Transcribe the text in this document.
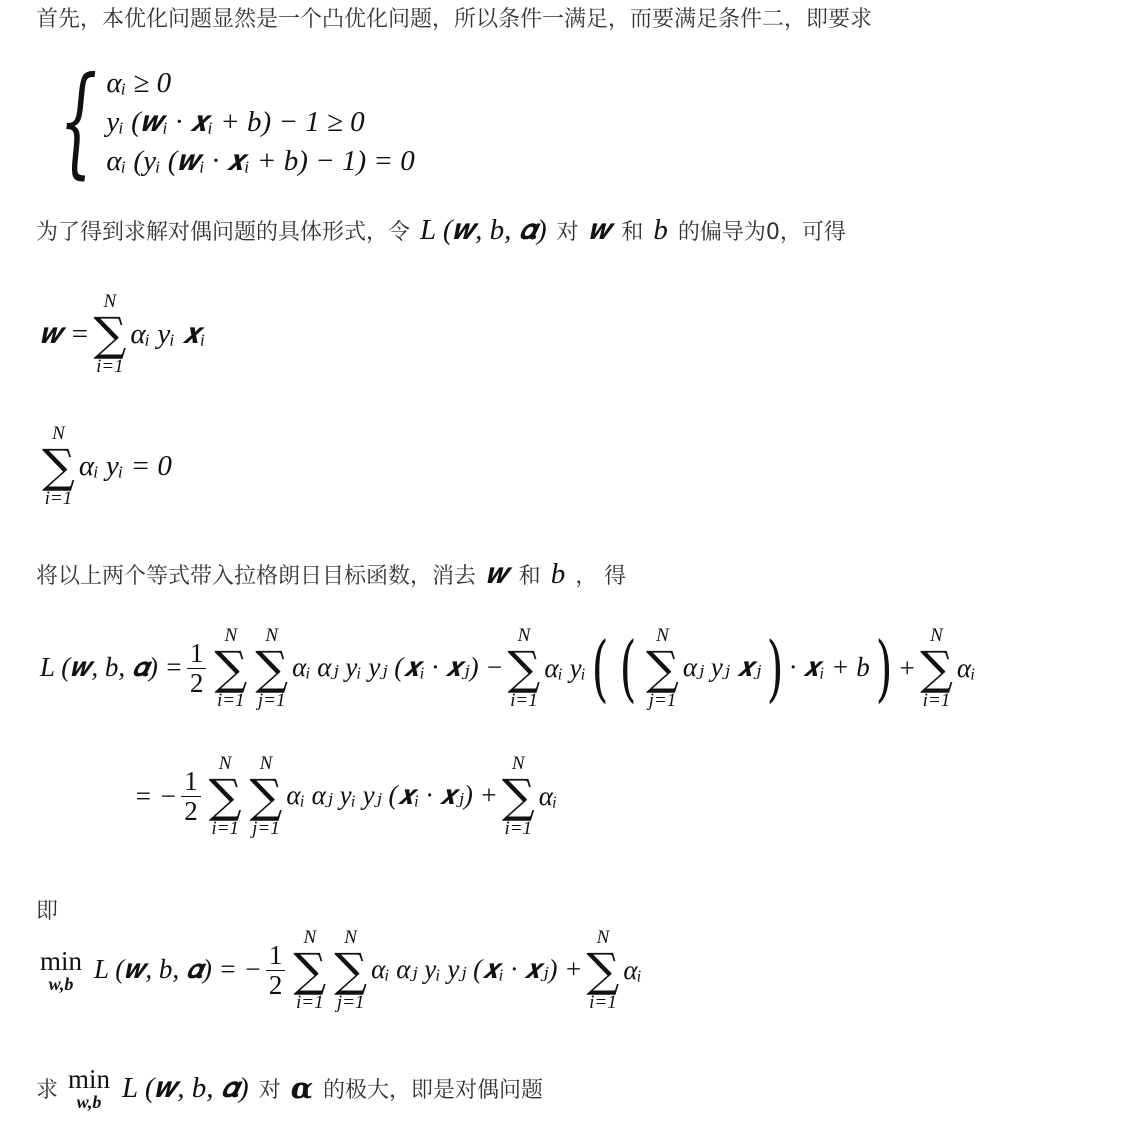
首先，本优化问题显然是一个凸优化问题，所以条件一满足，而要满足条件二，即要求
{ αᵢ ≥ 0
yᵢ (𝒘ᵢ · 𝒙ᵢ + b) − 1 ≥ 0
αᵢ (yᵢ (𝒘ᵢ · 𝒙ᵢ + b) − 1) = 0
为了得到求解对偶问题的具体形式，令 L (𝒘, b, 𝜶) 对 𝒘 和 b 的偏导为0，可得
𝒘 =
N
∑
i=1
αᵢ yᵢ 𝒙ᵢ
N
∑
i=1
αᵢ yᵢ = 0
将以上两个等式带入拉格朗日目标函数，消去 𝒘 和 b ， 得
L (𝒘, b, 𝜶) = $\frac{1}{2}$
N
∑
i=1
N
∑
j=1
αᵢ αⱼ yᵢ yⱼ (𝒙ᵢ · 𝒙ⱼ) −
N
∑
i=1
αᵢ yᵢ ( ( N
∑
j=1
αⱼ yⱼ 𝒙ⱼ ) · 𝒙ᵢ + b ) +
N
∑
i=1
αᵢ
= − $\frac{1}{2}$
N
∑
i=1
N
∑
j=1
αᵢ αⱼ yᵢ yⱼ (𝒙ᵢ · 𝒙ⱼ) +
N
∑
i=1
αᵢ
即
min
w,b L (𝒘, b, 𝜶) = − $\frac{1}{2}$
N
∑
i=1
N
∑
j=1
αᵢ αⱼ yᵢ yⱼ (𝒙ᵢ · 𝒙ⱼ) +
N
∑
i=1
αᵢ
求 min
w,b L (𝒘, b, 𝜶) 对 𝜶 的极大，即是对偶问题
